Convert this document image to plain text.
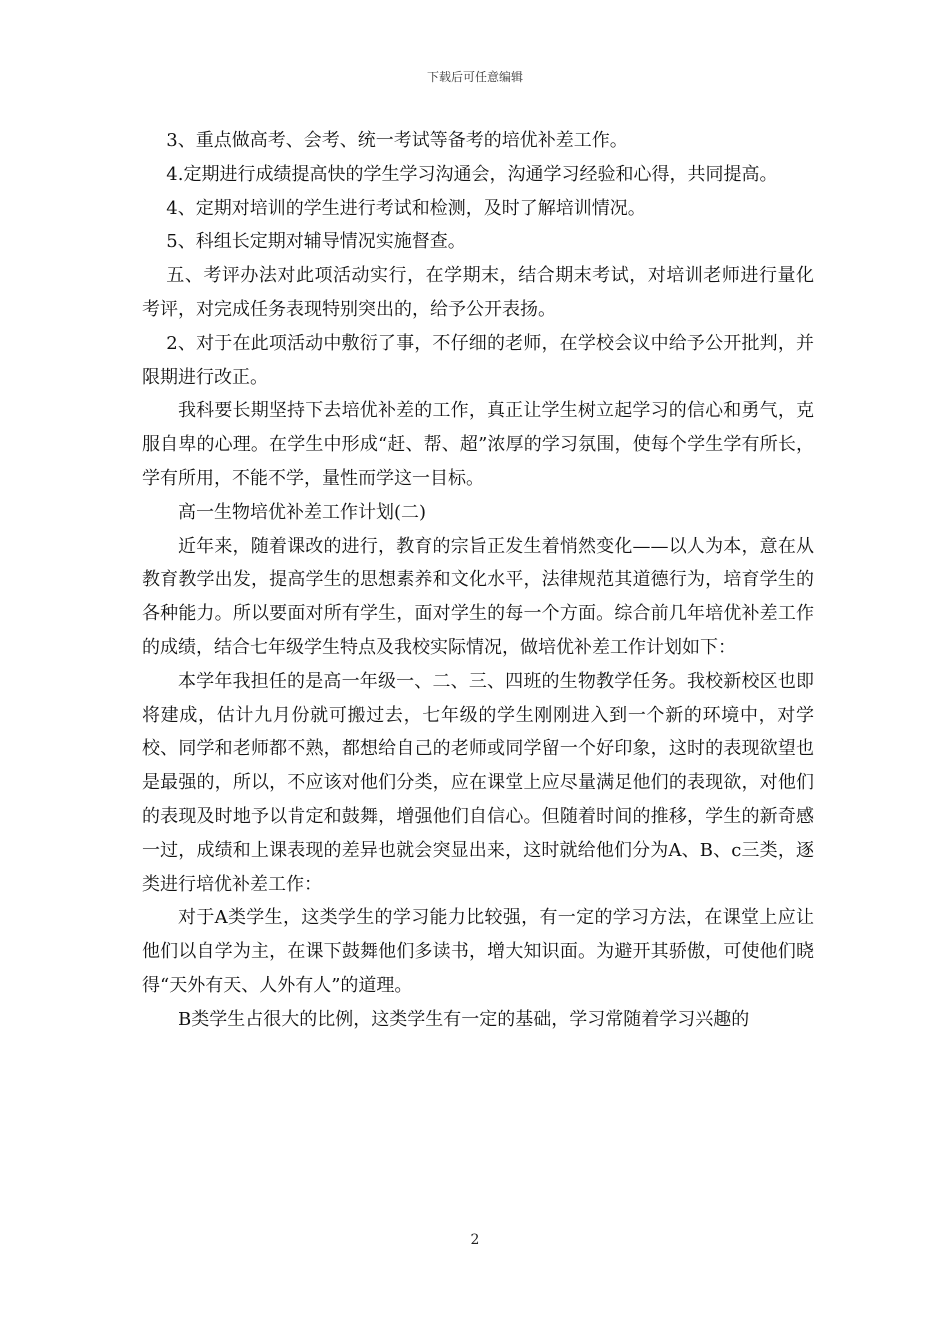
下载后可任意编辑

3、重点做高考、会考、统一考试等备考的培优补差工作。

4.定期进行成绩提高快的学生学习沟通会，沟通学习经验和心得，共同提高。

4、定期对培训的学生进行考试和检测，及时了解培训情况。

5、科组长定期对辅导情况实施督查。

五、考评办法对此项活动实行，在学期末，结合期末考试，对培训老师进行量化考评，对完成任务表现特别突出的，给予公开表扬。

2、对于在此项活动中敷衍了事，不仔细的老师，在学校会议中给予公开批判，并限期进行改正。

我科要长期坚持下去培优补差的工作，真正让学生树立起学习的信心和勇气，克服自卑的心理。在学生中形成“赶、帮、超”浓厚的学习氛围，使每个学生学有所长，学有所用，不能不学，量性而学这一目标。

高一生物培优补差工作计划(二)

近年来，随着课改的进行，教育的宗旨正发生着悄然变化——以人为本，意在从教育教学出发，提高学生的思想素养和文化水平，法律规范其道德行为，培育学生的各种能力。所以要面对所有学生，面对学生的每一个方面。综合前几年培优补差工作的成绩，结合七年级学生特点及我校实际情况，做培优补差工作计划如下：

本学年我担任的是高一年级一、二、三、四班的生物教学任务。我校新校区也即将建成，估计九月份就可搬过去，七年级的学生刚刚进入到一个新的环境中，对学校、同学和老师都不熟，都想给自己的老师或同学留一个好印象，这时的表现欲望也是最强的，所以，不应该对他们分类，应在课堂上应尽量满足他们的表现欲，对他们的表现及时地予以肯定和鼓舞，增强他们自信心。但随着时间的推移，学生的新奇感一过，成绩和上课表现的差异也就会突显出来，这时就给他们分为A、B、c三类，逐类进行培优补差工作：

对于A类学生，这类学生的学习能力比较强，有一定的学习方法，在课堂上应让他们以自学为主，在课下鼓舞他们多读书，增大知识面。为避开其骄傲，可使他们晓得“天外有天、人外有人”的道理。

B类学生占很大的比例，这类学生有一定的基础，学习常随着学习兴趣的

2
